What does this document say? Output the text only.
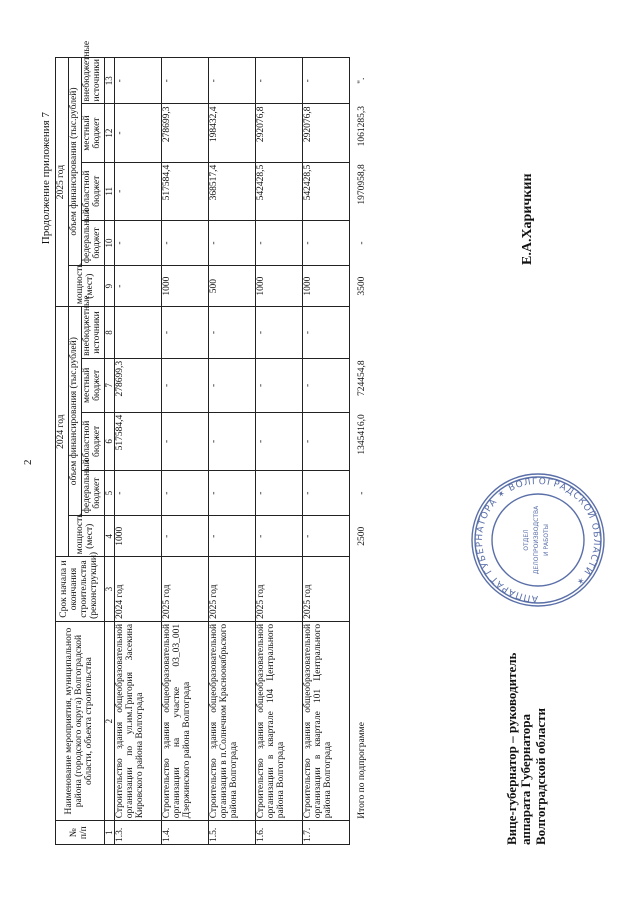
2
Продолжение приложения 7
№ п/п	Наименование мероприятия, муниципального района (городского округа) Волгоградской области, объекта строительства	Срок начала и окончания строительства (реконструкции)	2024 год					2025 год				
			мощность (мест)	объем финансирования (тыс.рублей)				мощность (мест)	объем финансирования (тыс.рублей)			
				федеральный бюджет	областной бюджет	местный бюджет	внебюджетные источники		федеральный бюджет	областной бюджет	местный бюджет	внебюджетные источники
1	2	3	4	5	6	7	8	9	10	11	12	13
1.3.	Строительство здания общеобразовательной организации по ул.им.Григория Засекина Кировского района Волгограда	2024 год	1000	-	517584,4	278699,3		-	-	-	-	-
1.4.	Строительство здания общеобразовательной организации на участке 03_03_001 Дзержинского района Волгограда	2025 год	-	-	-	-	-	1000	-	517584,4	278699,3	-
1.5.	Строительство здания общеобразовательной организации в п.Солнечном Красноокябрьского района Волгограда	2025 год	-	-	-	-	-	500	-	368517,4	198432,4	-
1.6.	Строительство здания общеобразовательной организации в квартале 104 Центрального района Волгограда	2025 год	-	-	-	-	-	1000	-	542428,5	292076,8	-
1.7.	Строительство здания общеобразовательной организации в квартале 101 Центрального района Волгограда	2025 год	-	-	-	-	-	1000	-	542428,5	292076,8	-
	Итого по подпрограмме		2500	-	1345416,0	724454,8		3500	-	1970958,8	1061285,3	".
Вице-губернатор – руководитель аппарата Губернатора Волгоградской области
Е.А.Харичкин
АППАРАТ ГУБЕРНАТОРА ✶ ВОЛГОГРАДСКОЙ ОБЛАСТИ ✶
ОТДЕЛ ДЕЛОПРОИЗВОДСТВА И РАБОТЫ
